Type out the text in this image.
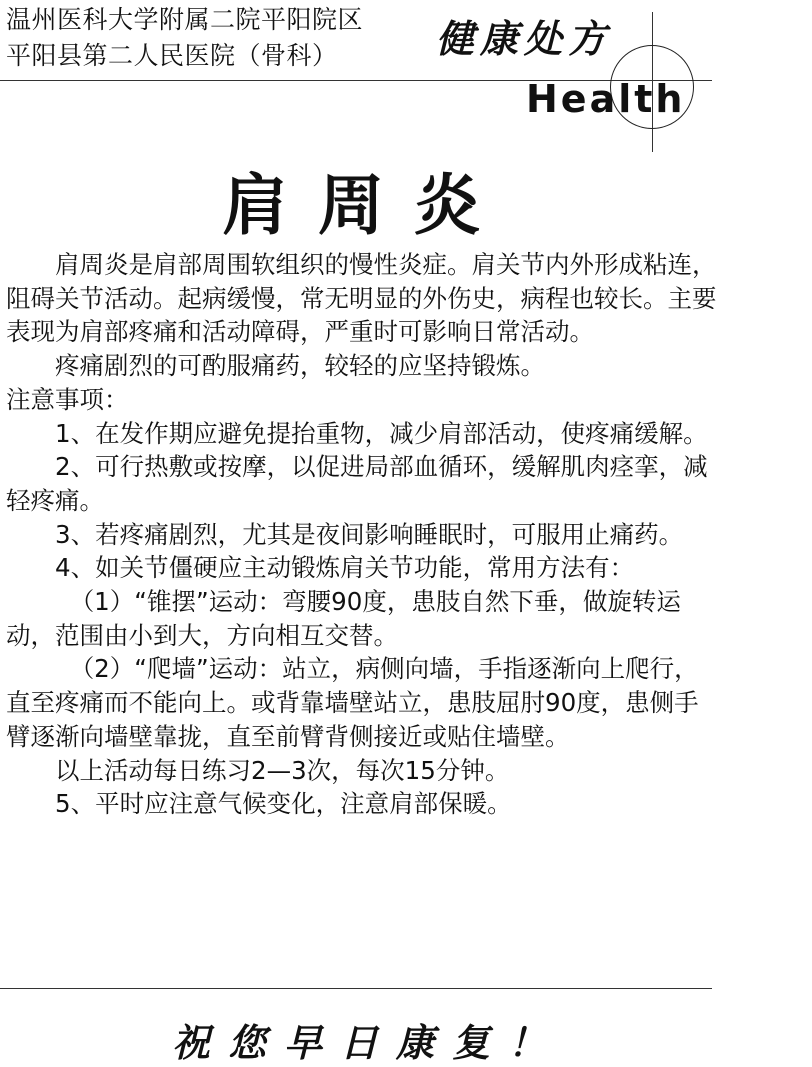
温州医科大学附属二院平阳院区
平阳县第二人民医院（骨科）	健康处方
Health
肩周炎

肩周炎是肩部周围软组织的慢性炎症。肩关节内外形成粘连，阻碍关节活动。起病缓慢，常无明显的外伤史，病程也较长。主要表现为肩部疼痛和活动障碍，严重时可影响日常活动。

疼痛剧烈的可酌服痛药，较轻的应坚持锻炼。

注意事项：

1、在发作期应避免提抬重物，减少肩部活动，使疼痛缓解。

2、可行热敷或按摩，以促进局部血循环，缓解肌肉痉挛，减轻疼痛。

3、若疼痛剧烈，尤其是夜间影响睡眠时，可服用止痛药。

4、如关节僵硬应主动锻炼肩关节功能，常用方法有：

（1）“锥摆”运动：弯腰90度，患肢自然下垂，做旋转运动，范围由小到大，方向相互交替。

（2）“爬墙”运动：站立，病侧向墙，手指逐渐向上爬行，直至疼痛而不能向上。或背靠墙壁站立，患肢屈肘90度，患侧手臂逐渐向墙壁靠拢，直至前臂背侧接近或贴住墙壁。

以上活动每日练习2—3次，每次15分钟。

5、平时应注意气候变化，注意肩部保暖。

祝您早日康复！
